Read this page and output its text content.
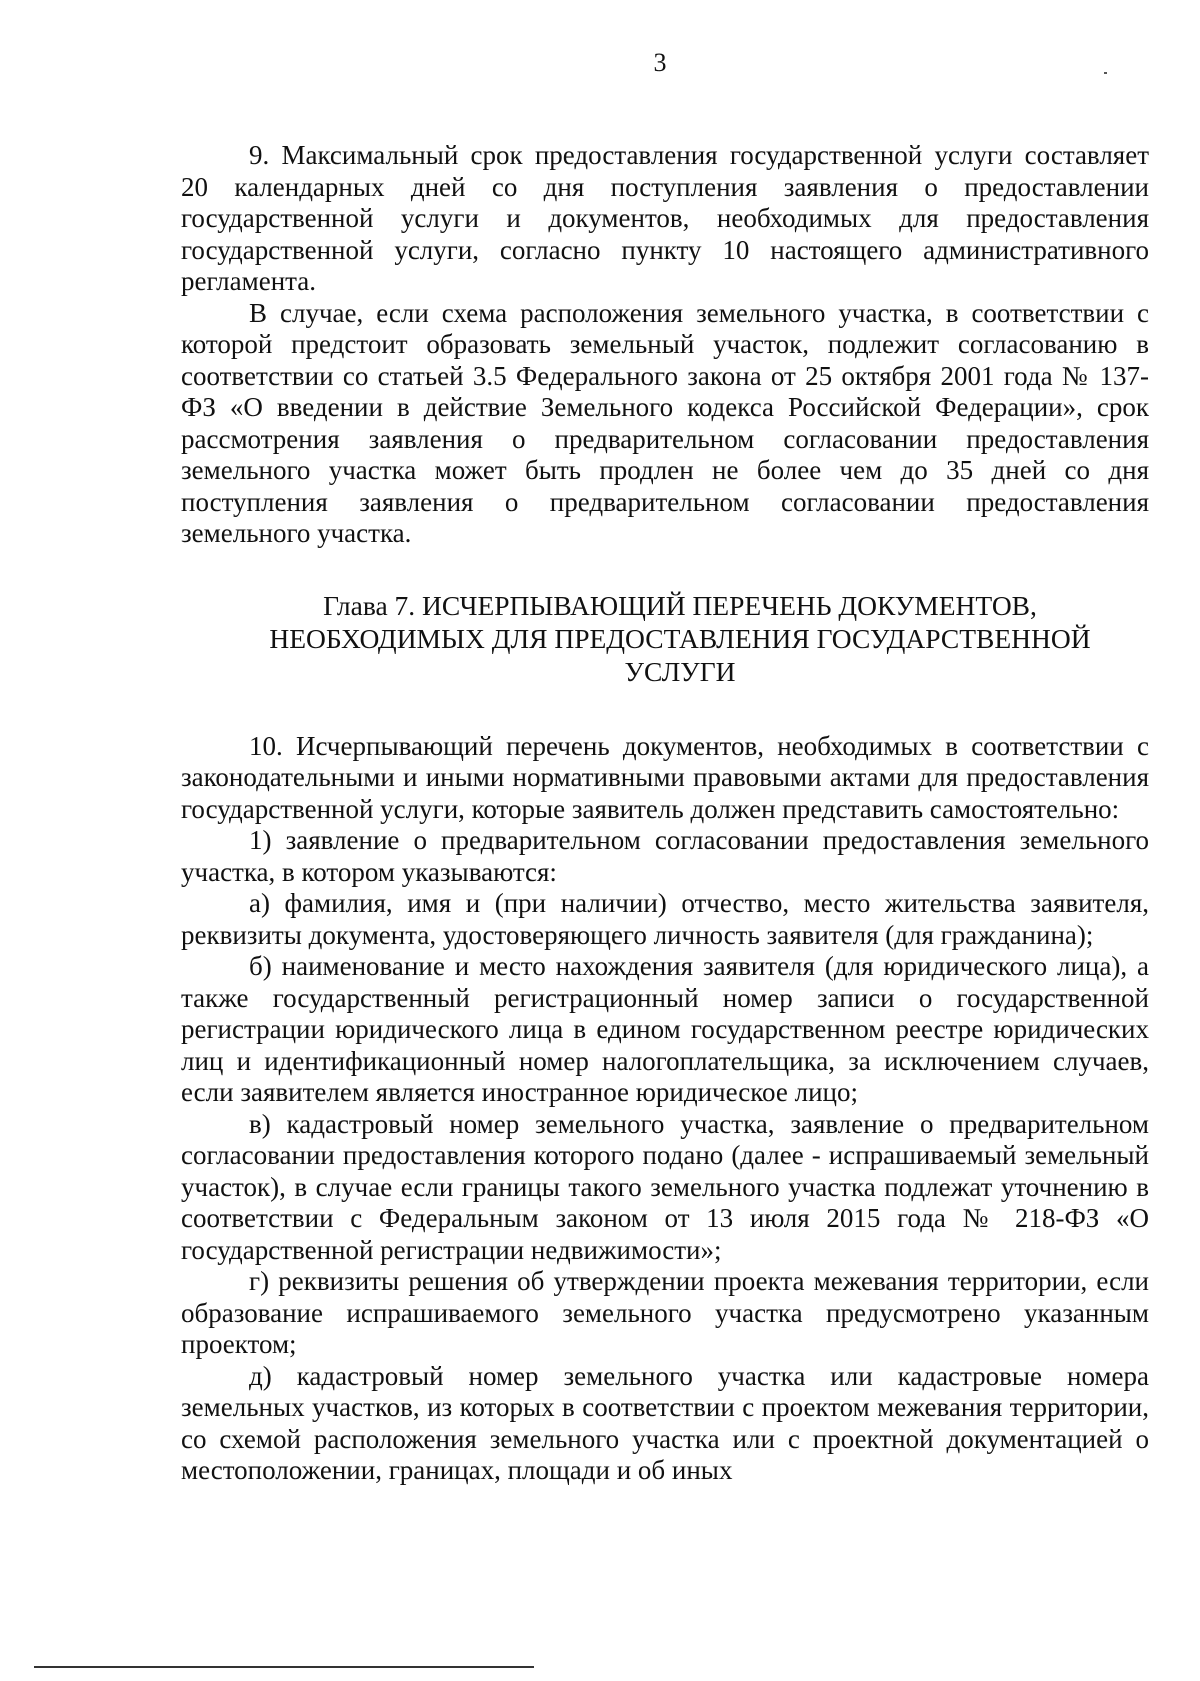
3

9. Максимальный срок предоставления государственной услуги составляет 20 календарных дней со дня поступления заявления о предоставлении государственной услуги и документов, необходимых для предоставления государственной услуги, согласно пункту 10 настоящего административного регламента.

В случае, если схема расположения земельного участка, в соответствии с которой предстоит образовать земельный участок, подлежит согласованию в соответствии со статьей 3.5 Федерального закона от 25 октября 2001 года № 137-ФЗ «О введении в действие Земельного кодекса Российской Федерации», срок рассмотрения заявления о предварительном согласовании предоставления земельного участка может быть продлен не более чем до 35 дней со дня поступления заявления о предварительном согласовании предоставления земельного участка.

Глава 7. ИСЧЕРПЫВАЮЩИЙ ПЕРЕЧЕНЬ ДОКУМЕНТОВ,
НЕОБХОДИМЫХ ДЛЯ ПРЕДОСТАВЛЕНИЯ ГОСУДАРСТВЕННОЙ
УСЛУГИ

10. Исчерпывающий перечень документов, необходимых в соответствии с законодательными и иными нормативными правовыми актами для предоставления государственной услуги, которые заявитель должен представить самостоятельно:

1) заявление о предварительном согласовании предоставления земельного участка, в котором указываются:

а) фамилия, имя и (при наличии) отчество, место жительства заявителя, реквизиты документа, удостоверяющего личность заявителя (для гражданина);

б) наименование и место нахождения заявителя (для юридического лица), а также государственный регистрационный номер записи о государственной регистрации юридического лица в едином государственном реестре юридических лиц и идентификационный номер налогоплательщика, за исключением случаев, если заявителем является иностранное юридическое лицо;

в) кадастровый номер земельного участка, заявление о предварительном согласовании предоставления которого подано (далее - испрашиваемый земельный участок), в случае если границы такого земельного участка подлежат уточнению в соответствии с Федеральным законом от 13 июля 2015 года № 218-ФЗ «О государственной регистрации недвижимости»;

г) реквизиты решения об утверждении проекта межевания территории, если образование испрашиваемого земельного участка предусмотрено указанным проектом;

д) кадастровый номер земельного участка или кадастровые номера земельных участков, из которых в соответствии с проектом межевания территории, со схемой расположения земельного участка или с проектной документацией о местоположении, границах, площади и об иных
